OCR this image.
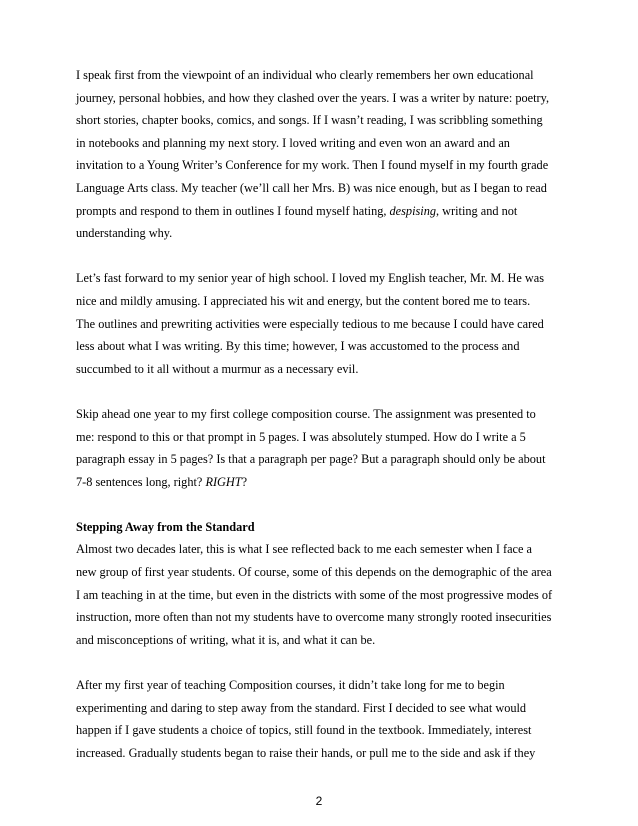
I speak first from the viewpoint of an individual who clearly remembers her own educational
journey, personal hobbies, and how they clashed over the years. I was a writer by nature: poetry,
short stories, chapter books, comics, and songs. If I wasn’t reading, I was scribbling something
in notebooks and planning my next story. I loved writing and even won an award and an
invitation to a Young Writer’s Conference for my work. Then I found myself in my fourth grade
Language Arts class. My teacher (we’ll call her Mrs. B) was nice enough, but as I began to read
prompts and respond to them in outlines I found myself hating, despising, writing and not
understanding why.
Let’s fast forward to my senior year of high school. I loved my English teacher, Mr. M. He was
nice and mildly amusing. I appreciated his wit and energy, but the content bored me to tears.
The outlines and prewriting activities were especially tedious to me because I could have cared
less about what I was writing. By this time; however, I was accustomed to the process and
succumbed to it all without a murmur as a necessary evil.
Skip ahead one year to my first college composition course. The assignment was presented to
me: respond to this or that prompt in 5 pages. I was absolutely stumped. How do I write a 5
paragraph essay in 5 pages? Is that a paragraph per page? But a paragraph should only be about
7-8 sentences long, right? RIGHT?
Stepping Away from the Standard
Almost two decades later, this is what I see reflected back to me each semester when I face a
new group of first year students. Of course, some of this depends on the demographic of the area
I am teaching in at the time, but even in the districts with some of the most progressive modes of
instruction, more often than not my students have to overcome many strongly rooted insecurities
and misconceptions of writing, what it is, and what it can be.
After my first year of teaching Composition courses, it didn’t take long for me to begin
experimenting and daring to step away from the standard. First I decided to see what would
happen if I gave students a choice of topics, still found in the textbook. Immediately, interest
increased. Gradually students began to raise their hands, or pull me to the side and ask if they
2
